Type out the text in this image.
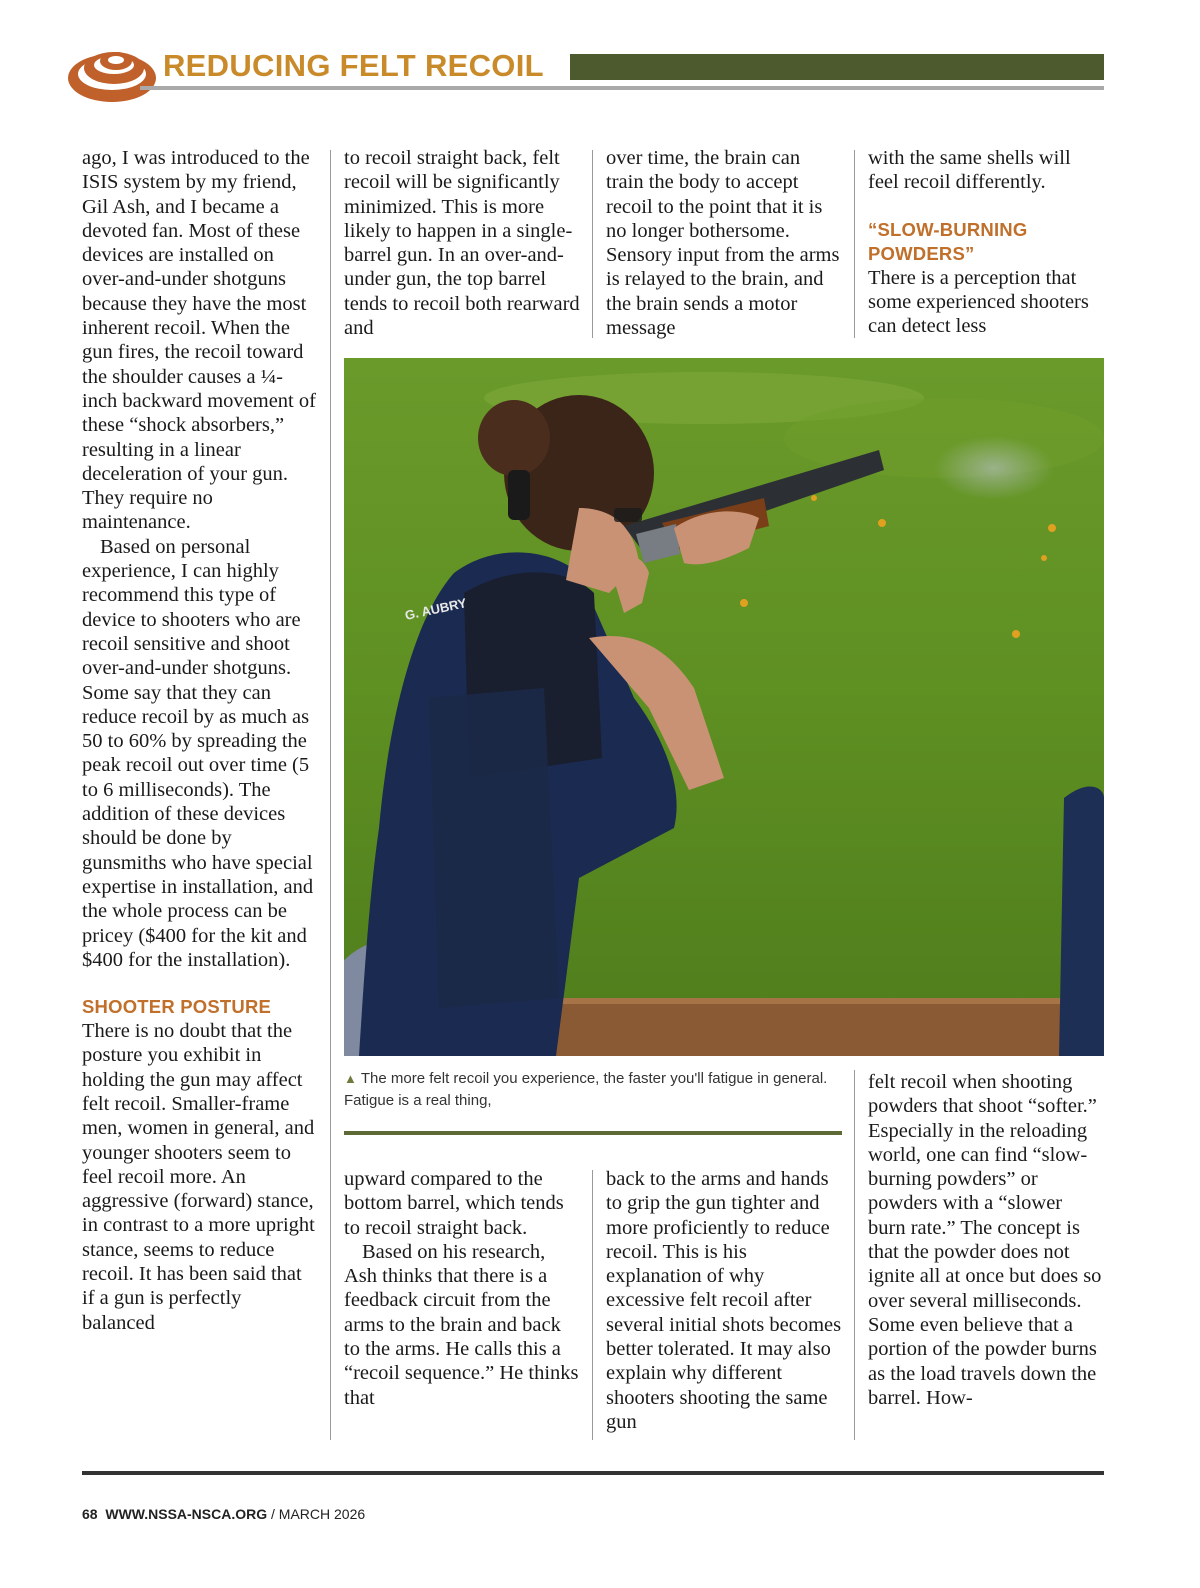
REDUCING FELT RECOIL

ago, I was introduced to the ISIS system by my friend, Gil Ash, and I became a devoted fan. Most of these devices are installed on over-and-under shotguns because they have the most inherent recoil. When the gun fires, the recoil toward the shoulder causes a ¼-inch backward movement of these “shock absorbers,” resulting in a linear deceleration of your gun. They require no maintenance.

Based on personal experience, I can highly recommend this type of device to shooters who are recoil sensitive and shoot over-and-under shotguns. Some say that they can reduce recoil by as much as 50 to 60% by spreading the peak recoil out over time (5 to 6 milliseconds). The addition of these devices should be done by gunsmiths who have special expertise in installation, and the whole process can be pricey ($400 for the kit and $400 for the installation).

SHOOTER POSTURE

There is no doubt that the posture you exhibit in holding the gun may affect felt recoil. Smaller-frame men, women in general, and younger shooters seem to feel recoil more. An aggressive (forward) stance, in contrast to a more upright stance, seems to reduce recoil. It has been said that if a gun is perfectly balanced

to recoil straight back, felt recoil will be significantly minimized. This is more likely to happen in a single-barrel gun. In an over-and-under gun, the top barrel tends to recoil both rearward and

over time, the brain can train the body to accept recoil to the point that it is no longer bothersome. Sensory input from the arms is relayed to the brain, and the brain sends a motor message

with the same shells will feel recoil differently.

“SLOW-BURNING POWDERS”

There is a perception that some experienced shooters can detect less

G. AUBRY
▲ The more felt recoil you experience, the faster you'll fatigue in general. Fatigue is a real thing,

upward compared to the bottom barrel, which tends to recoil straight back.

Based on his research, Ash thinks that there is a feedback circuit from the arms to the brain and back to the arms. He calls this a “recoil sequence.” He thinks that

back to the arms and hands to grip the gun tighter and more proficiently to reduce recoil. This is his explanation of why excessive felt recoil after several initial shots becomes better tolerated. It may also explain why different shooters shooting the same gun

felt recoil when shooting powders that shoot “softer.” Especially in the reloading world, one can find “slow-burning powders” or powders with a “slower burn rate.” The concept is that the powder does not ignite all at once but does so over several milliseconds. Some even believe that a portion of the powder burns as the load travels down the barrel. How-

68 WWW.NSSA-NSCA.ORG / MARCH 2026
